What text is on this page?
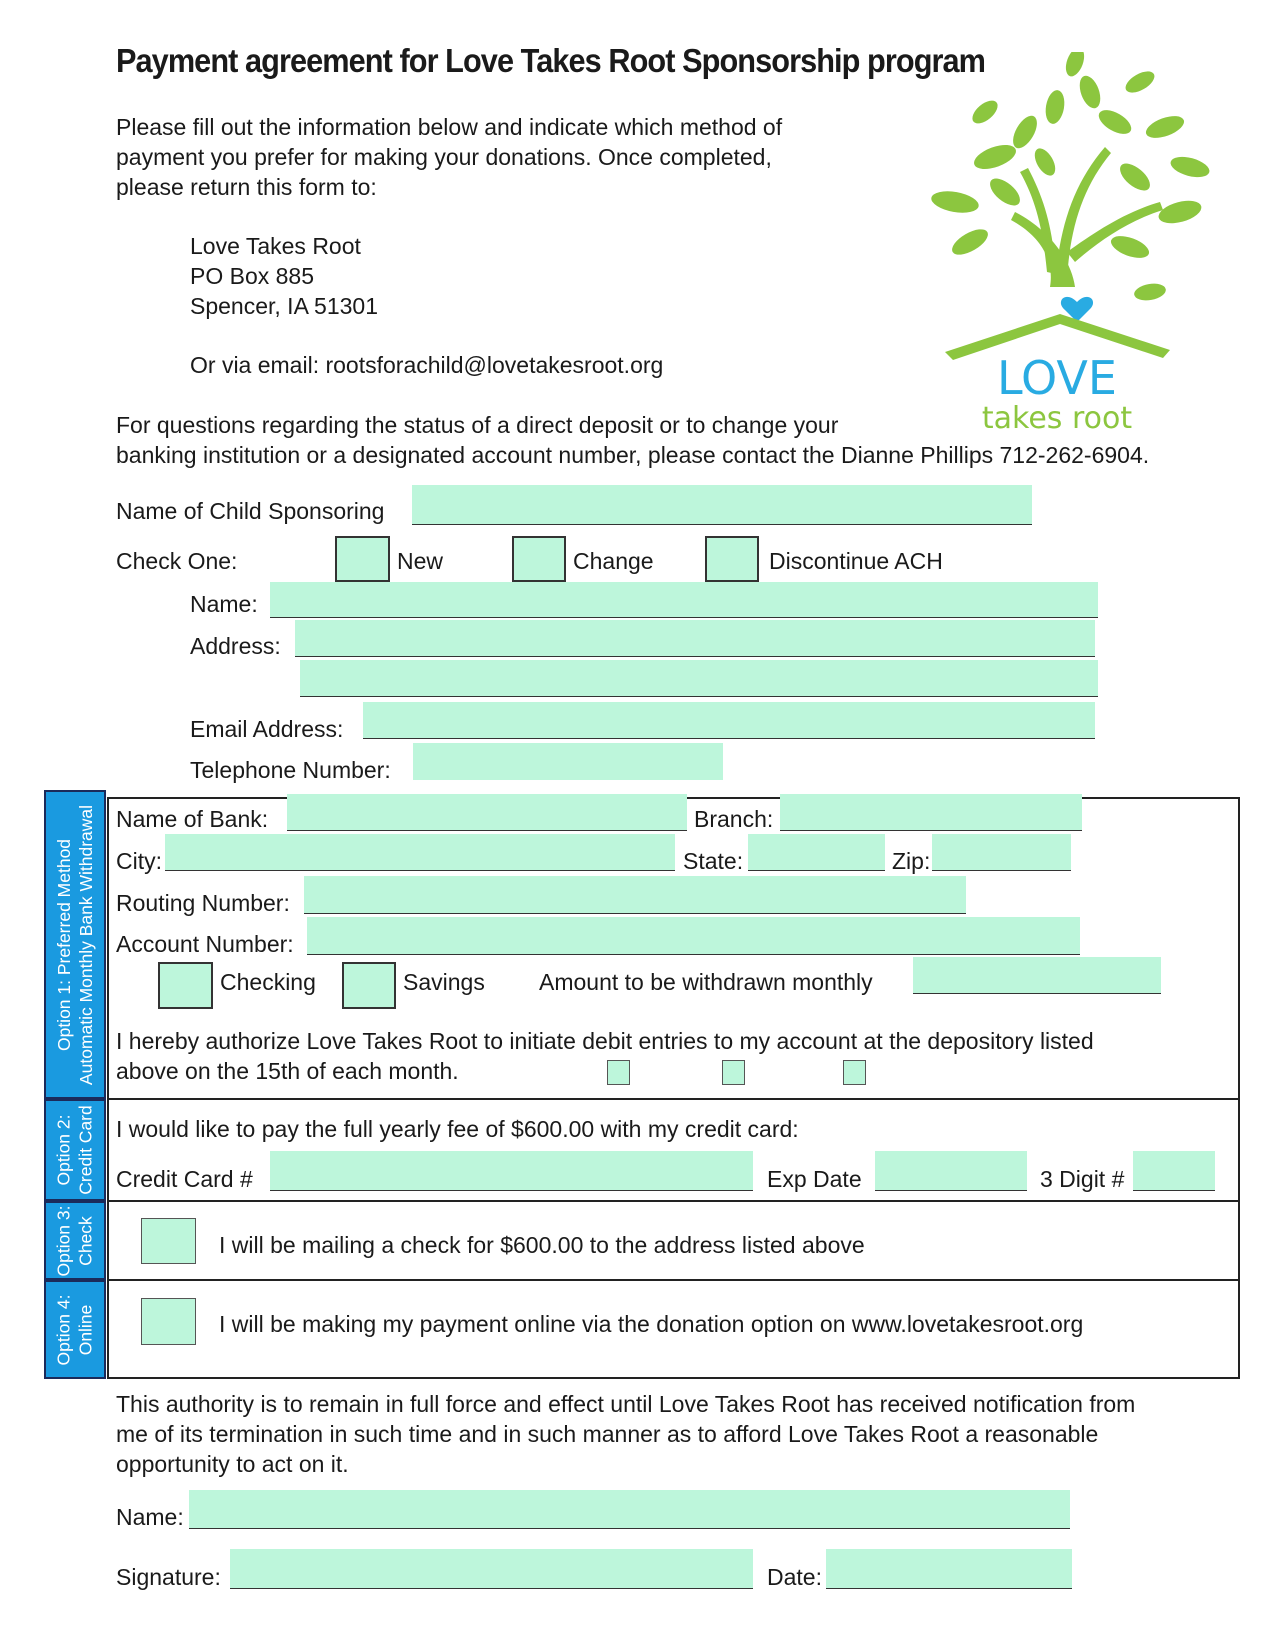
Payment agreement for Love Takes Root Sponsorship program
Please fill out the information below and indicate which method of
payment you prefer for making your donations. Once completed,
please return this form to:
Love Takes Root
PO Box 885
Spencer, IA 51301
Or via email: rootsforachild@lovetakesroot.org
For questions regarding the status of a direct deposit or to change your
banking institution or a designated account number, please contact the Dianne Phillips 712-262-6904.
LOVE
takes root
Name of Child Sponsoring
Check One:	New	Change	Discontinue ACH
Name:
Address:
Email Address:
Telephone Number:
Option 1: Preferred Method Automatic Monthly Bank Withdrawal
Option 2: Credit Card
Option 3: Check
Option 4: Online
Name of Bank:	Branch:
City:	State:	Zip:
Routing Number:
Account Number:
Checking	Savings Amount to be withdrawn monthly
I hereby authorize Love Takes Root to initiate debit entries to my account at the depository listed
above on the 15th of each month.
I would like to pay the full yearly fee of $600.00 with my credit card:
Credit Card #	Exp Date	3 Digit #
I will be mailing a check for $600.00 to the address listed above
I will be making my payment online via the donation option on www.lovetakesroot.org
This authority is to remain in full force and effect until Love Takes Root has received notification from
me of its termination in such time and in such manner as to afford Love Takes Root a reasonable
opportunity to act on it.
Name:
Signature:	Date:
